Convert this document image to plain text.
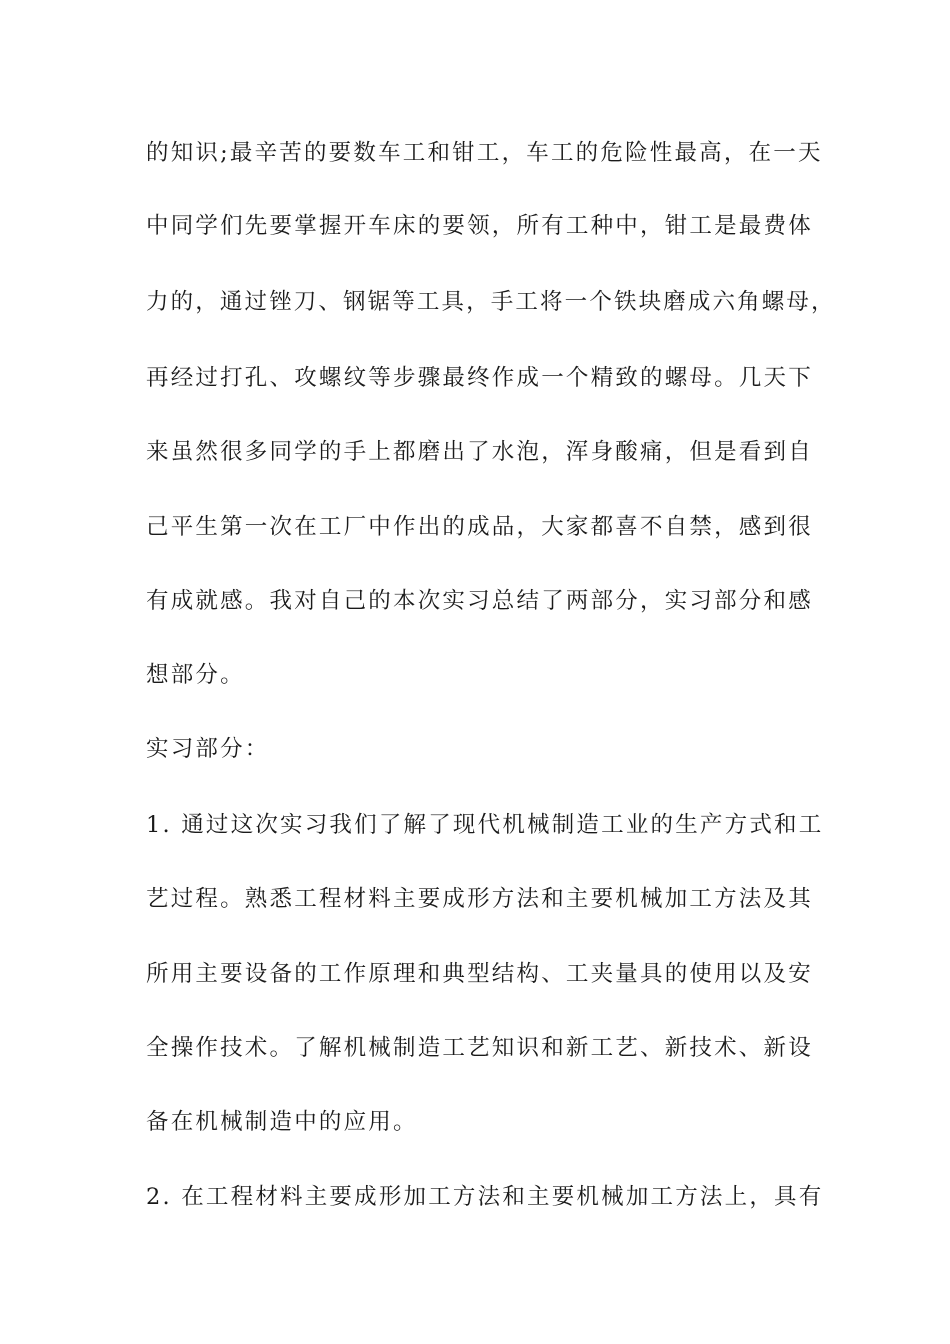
的知识;最辛苦的要数车工和钳工，车工的危险性最高，在一天
中同学们先要掌握开车床的要领，所有工种中，钳工是最费体
力的，通过锉刀、钢锯等工具，手工将一个铁块磨成六角螺母，
再经过打孔、攻螺纹等步骤最终作成一个精致的螺母。几天下
来虽然很多同学的手上都磨出了水泡，浑身酸痛，但是看到自
己平生第一次在工厂中作出的成品，大家都喜不自禁，感到很
有成就感。我对自己的本次实习总结了两部分，实习部分和感
想部分。
实习部分：
1. 通过这次实习我们了解了现代机械制造工业的生产方式和工
艺过程。熟悉工程材料主要成形方法和主要机械加工方法及其
所用主要设备的工作原理和典型结构、工夹量具的使用以及安
全操作技术。了解机械制造工艺知识和新工艺、新技术、新设
备在机械制造中的应用。
2. 在工程材料主要成形加工方法和主要机械加工方法上，具有
